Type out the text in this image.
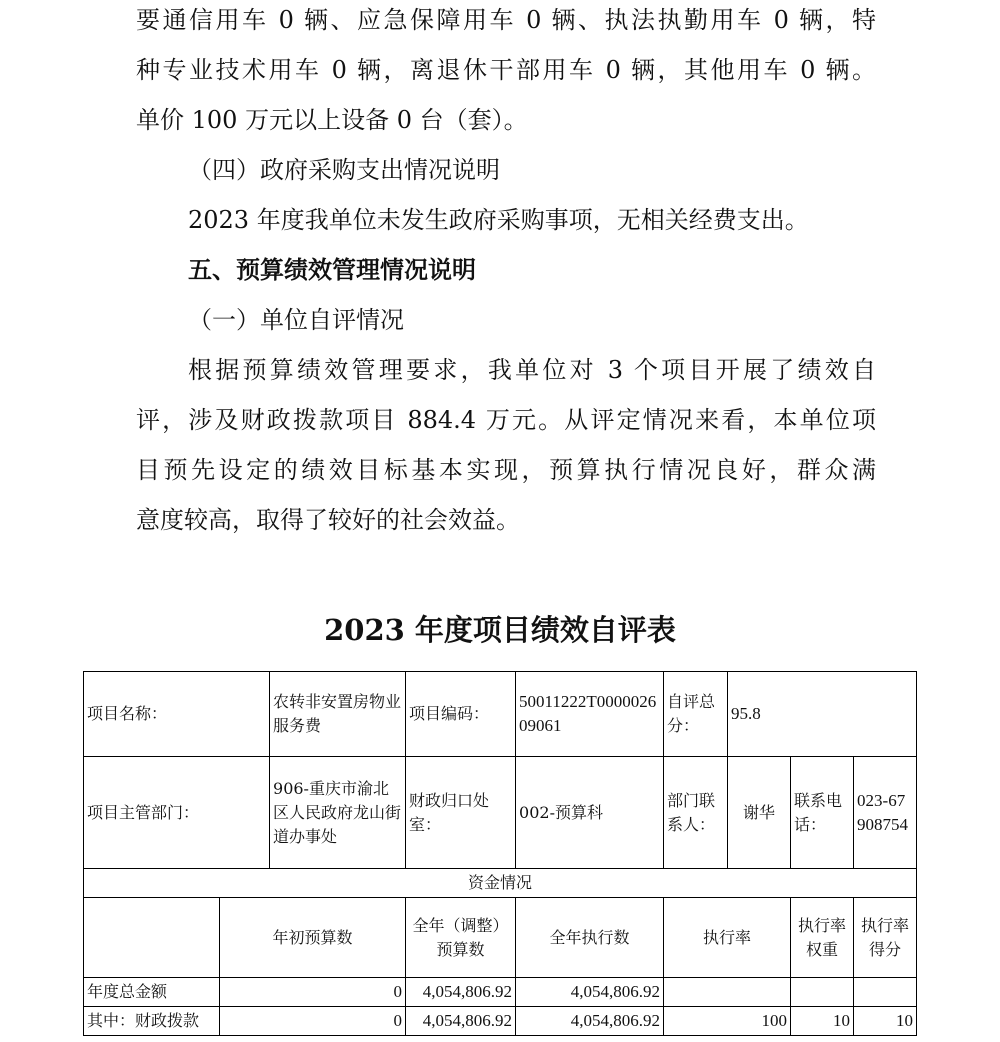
要通信用车 0 辆、应急保障用车 0 辆、执法执勤用车 0 辆，特
种专业技术用车 0 辆，离退休干部用车 0 辆，其他用车 0 辆。
单价 100 万元以上设备 0 台（套）。
（四）政府采购支出情况说明
2023 年度我单位未发生政府采购事项，无相关经费支出。
五、预算绩效管理情况说明
（一）单位自评情况
根据预算绩效管理要求，我单位对 3 个项目开展了绩效自
评，涉及财政拨款项目 884.4 万元。从评定情况来看，本单位项
目预先设定的绩效目标基本实现，预算执行情况良好，群众满
意度较高，取得了较好的社会效益。
2023 年度项目绩效自评表
项目名称：		农转非安置房物业服务费	项目编码：	50011222T000002609061	自评总分：	95.8		
项目主管部门：		906-重庆市渝北区人民政府龙山街道办事处	财政归口处室：	002-预算科	部门联系人：	谢华	联系电话：	023-67908754
资金情况								
	年初预算数		全年（调整）预算数	全年执行数	执行率		执行率权重	执行率得分
年度总金额	0		4,054,806.92	4,054,806.92				
其中：财政拨款	0		4,054,806.92	4,054,806.92	100		10	10
